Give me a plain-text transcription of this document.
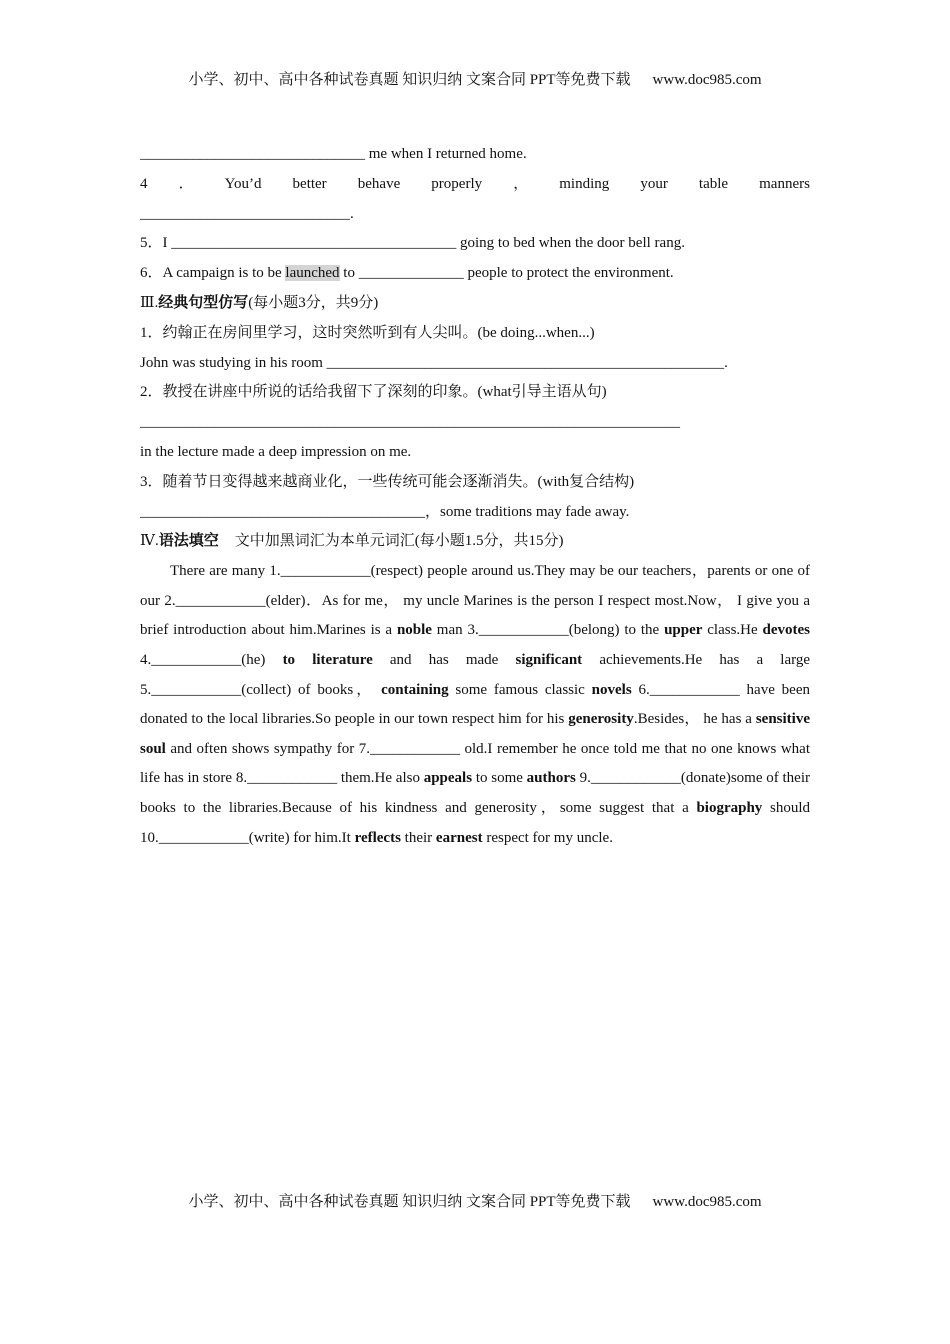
小学、初中、高中各种试卷真题 知识归纳 文案合同 PPT等免费下载 www.doc985.com
______________________________ me when I returned home.
4 ． You’d better behave properly ， minding your table manners
____________________________.
5．I ______________________________________ going to bed when the door bell rang.
6．A campaign is to be launched to ______________ people to protect the environment.
Ⅲ.经典句型仿写(每小题3分，共9分)
1．约翰正在房间里学习，这时突然听到有人尖叫。(be doing...when...)
John was studying in his room _____________________________________________________.
2．教授在讲座中所说的话给我留下了深刻的印象。(what引导主语从句)
________________________________________________________________________
in the lecture made a deep impression on me.
3．随着节日变得越来越商业化，一些传统可能会逐渐消失。(with复合结构)
______________________________________，some traditions may fade away.
Ⅳ.语法填空 文中加黑词汇为本单元词汇(每小题1.5分，共15分)

There are many 1.____________(respect) people around us.They may be our teachers，parents or one of our 2.____________(elder)．As for me， my uncle Marines is the person I respect most.Now， I give you a brief introduction about him.Marines is a noble man 3.____________(belong) to the upper class.He devotes 4.____________(he) to literature and has made significant achievements.He has a large 5.____________(collect) of books， containing some famous classic novels 6.____________ have been donated to the local libraries.So people in our town respect him for his generosity.Besides， he has a sensitive soul and often shows sympathy for 7.____________ old.I remember he once told me that no one knows what life has in store 8.____________ them.He also appeals to some authors 9.____________(donate)some of their books to the libraries.Because of his kindness and generosity，some suggest that a biography should 10.____________(write) for him.It reflects their earnest respect for my uncle.

小学、初中、高中各种试卷真题 知识归纳 文案合同 PPT等免费下载 www.doc985.com
